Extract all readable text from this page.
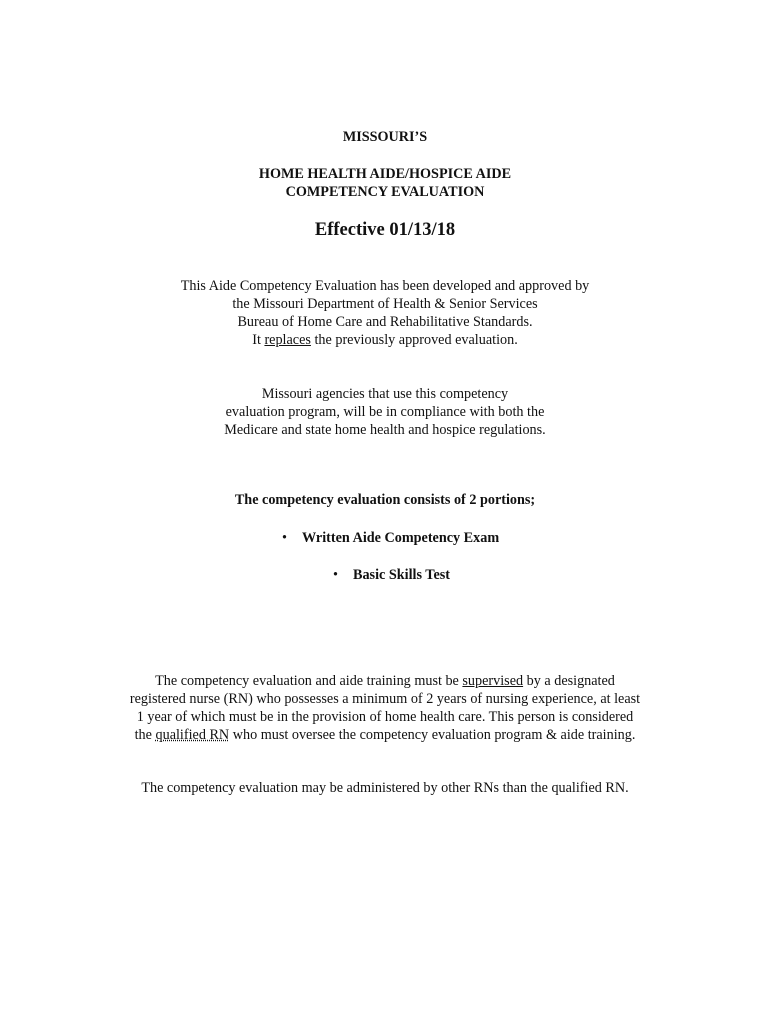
MISSOURI’S
HOME HEALTH AIDE/HOSPICE AIDE
COMPETENCY EVALUATION
Effective 01/13/18
This Aide Competency Evaluation has been developed and approved by
the Missouri Department of Health & Senior Services
Bureau of Home Care and Rehabilitative Standards.
It replaces the previously approved evaluation.
Missouri agencies that use this competency
evaluation program, will be in compliance with both the
Medicare and state home health and hospice regulations.
The competency evaluation consists of 2 portions;
• Written Aide Competency Exam
• Basic Skills Test
The competency evaluation and aide training must be supervised by a designated
registered nurse (RN) who possesses a minimum of 2 years of nursing experience, at least
1 year of which must be in the provision of home health care. This person is considered
the qualified RN who must oversee the competency evaluation program & aide training.
The competency evaluation may be administered by other RNs than the qualified RN.
